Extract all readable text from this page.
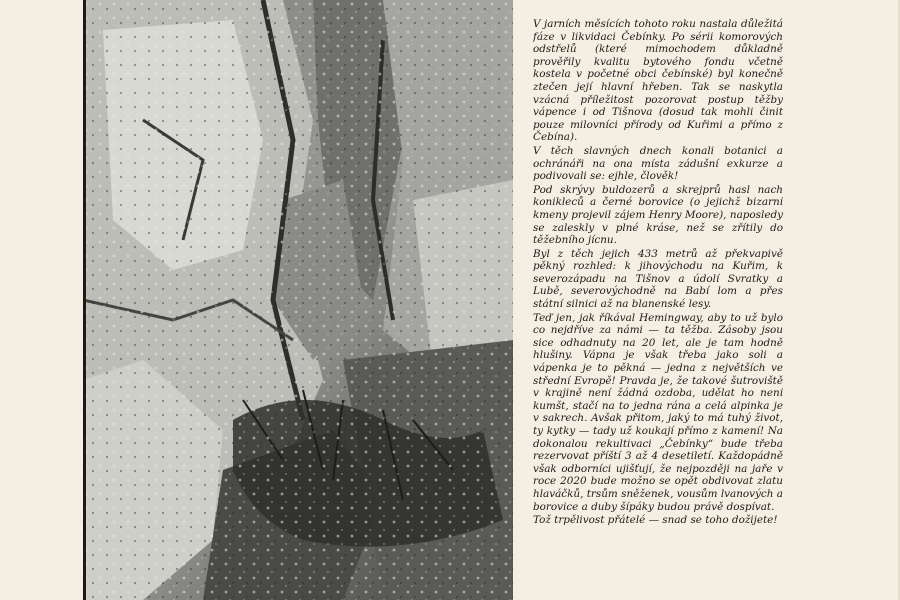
V jarních měsících tohoto roku nastala důležitá fáze v likvidaci Čebínky. Po sérii komorových odstřelů (které mimochodem důkladně prověřily kvalitu bytového fondu včetně kostela v početné obci čebínské) byl konečně ztečen její hlavní hřeben. Tak se naskytla vzácná příležitost pozorovat postup těžby vápence i od Tišnova (dosud tak mohli činit pouze milovníci přírody od Kuřimi a přímo z Čebína).

V těch slavných dnech konali botanici a ochránáři na ona místa zádušní exkurze a podivovali se: ejhle, člověk!

Pod skrývy buldozerů a skrejprů hasl nach konikleců a černé borovice (o jejichž bizarní kmeny projevil zájem Henry Moore), naposledy se zaleskly v plné kráse, než se zřítily do těžebního jícnu.

Byl z těch jejich 433 metrů až překvapivě pěkný rozhled: k jihovýchodu na Kuřim, k severozápadu na Tišnov a údolí Svratky a Lubě, severovýchodně na Babí lom a přes státní silnici až na blanenské lesy.

Teď jen, jak říkával Hemingway, aby to už bylo co nejdříve za námi — ta těžba. Zásoby jsou sice odhadnuty na 20 let, ale je tam hodně hlušiny. Vápna je však třeba jako soli a vápenka je to pěkná — jedna z největších ve střední Evropě! Pravda je, že takové šutroviště v krajině není žádná ozdoba, udělat ho není kumšt, stačí na to jedna rána a celá alpinka je v sakrech. Avšak přitom, jaký to má tuhý život, ty kytky — tady už koukají přímo z kamení! Na dokonalou rekultivaci „Čebínky“ bude třeba rezervovat příští 3 až 4 desetiletí. Každopádně však odborníci ujišťují, že nejpozději na jaře v roce 2020 bude možno se opět obdivovat zlatu hlaváčků, trsům sněženek, vousům lvanových a borovice a duby šípáky budou právě dospívat.

Tož trpělivost přátelé — snad se toho dožijete!
